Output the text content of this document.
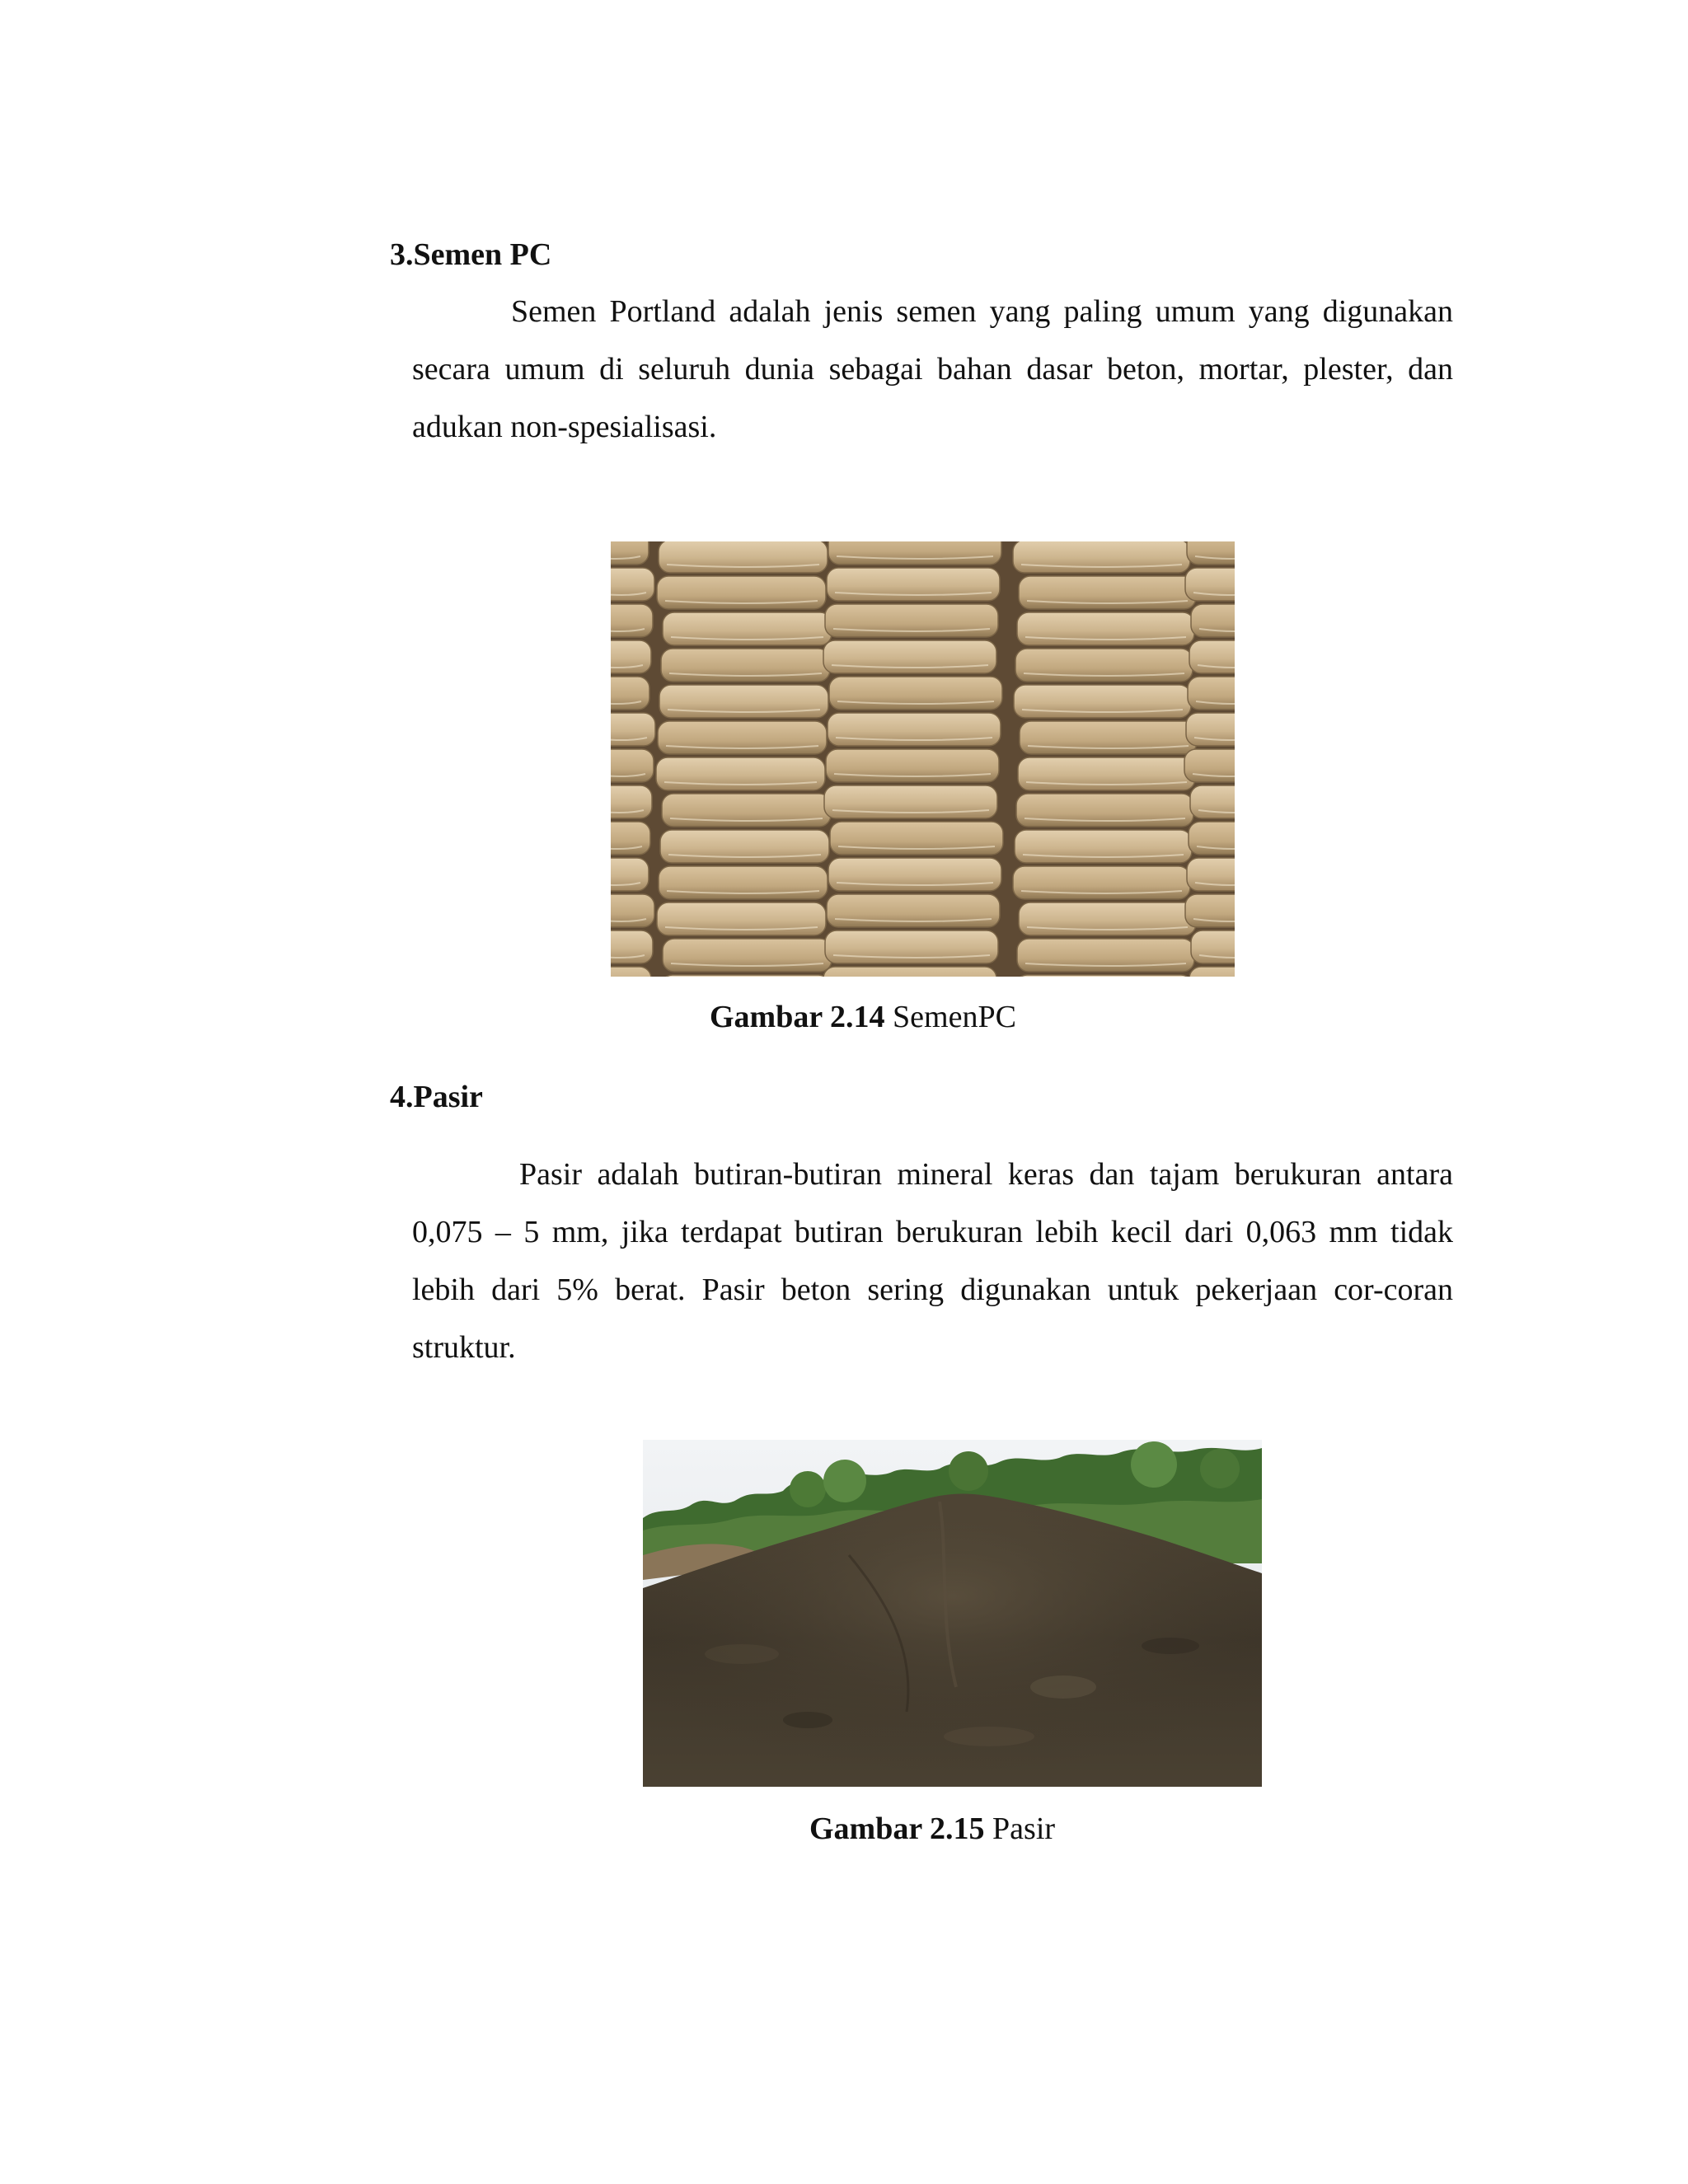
3.Semen PC

Semen Portland adalah jenis semen yang paling umum yang digunakan secara umum di seluruh dunia sebagai bahan dasar beton, mortar, plester, dan adukan non-spesialisasi.

Gambar 2.14 SemenPC

4.Pasir

Pasir adalah butiran-butiran mineral keras dan tajam berukuran antara 0,075 – 5 mm, jika terdapat butiran berukuran lebih kecil dari 0,063 mm tidak lebih dari 5% berat. Pasir beton sering digunakan untuk pekerjaan cor-coran struktur.

Gambar 2.15 Pasir
